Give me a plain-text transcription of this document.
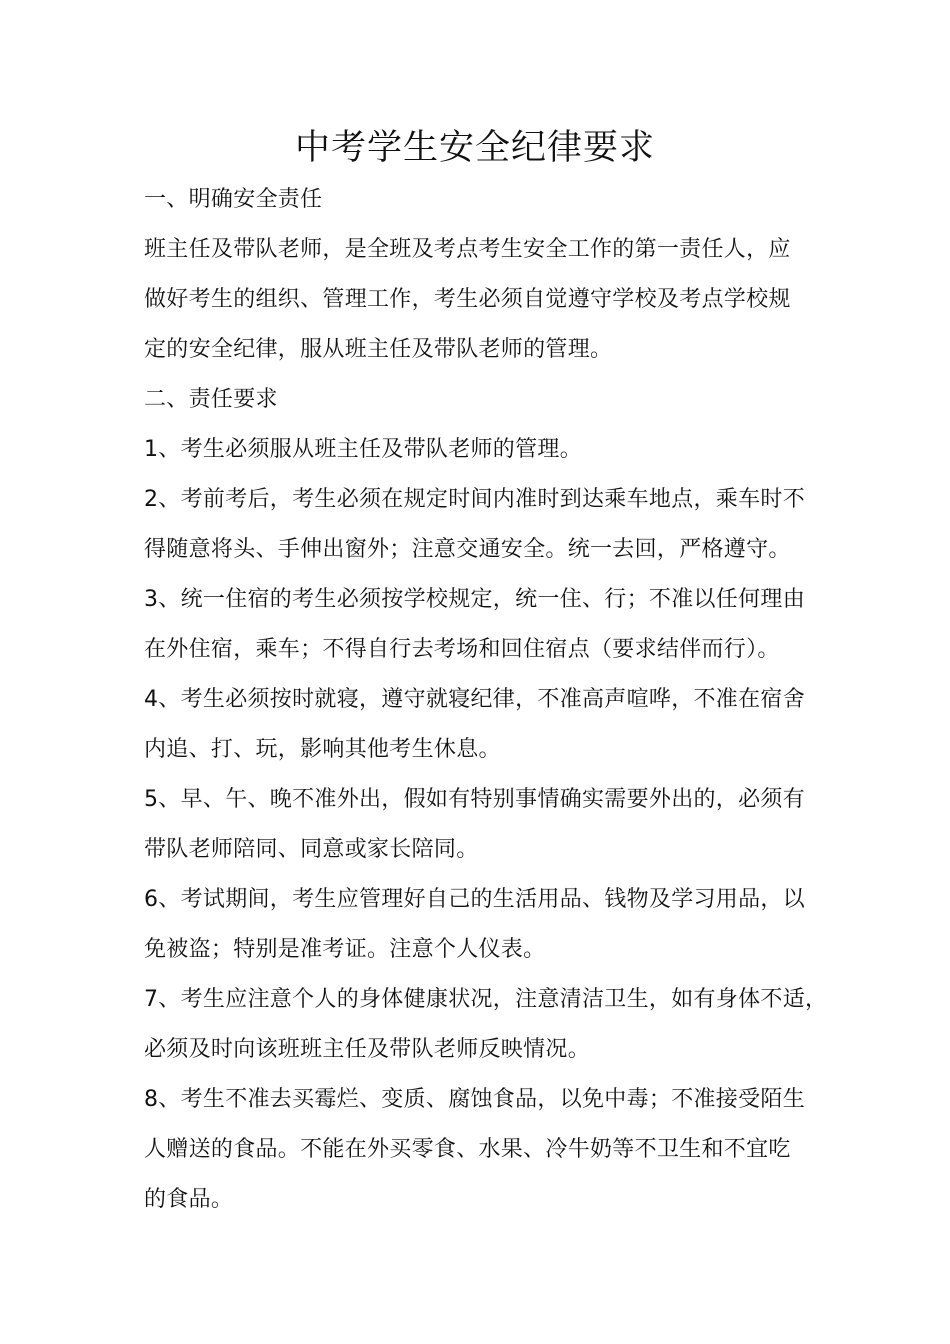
中考学生安全纪律要求
一、明确安全责任
班主任及带队老师，是全班及考点考生安全工作的第一责任人，应
做好考生的组织、管理工作，考生必须自觉遵守学校及考点学校规
定的安全纪律，服从班主任及带队老师的管理。
二、责任要求
1、考生必须服从班主任及带队老师的管理。
2、考前考后，考生必须在规定时间内准时到达乘车地点，乘车时不
得随意将头、手伸出窗外；注意交通安全。统一去回，严格遵守。
3、统一住宿的考生必须按学校规定，统一住、行；不准以任何理由
在外住宿，乘车；不得自行去考场和回住宿点（要求结伴而行）。
4、考生必须按时就寝，遵守就寝纪律，不准高声喧哗，不准在宿舍
内追、打、玩，影响其他考生休息。
5、早、午、晚不准外出，假如有特别事情确实需要外出的，必须有
带队老师陪同、同意或家长陪同。
6、考试期间，考生应管理好自己的生活用品、钱物及学习用品，以
免被盗；特别是准考证。注意个人仪表。
7、考生应注意个人的身体健康状况，注意清洁卫生，如有身体不适，
必须及时向该班班主任及带队老师反映情况。
8、考生不准去买霉烂、变质、腐蚀食品，以免中毒；不准接受陌生
人赠送的食品。不能在外买零食、水果、冷牛奶等不卫生和不宜吃
的食品。
